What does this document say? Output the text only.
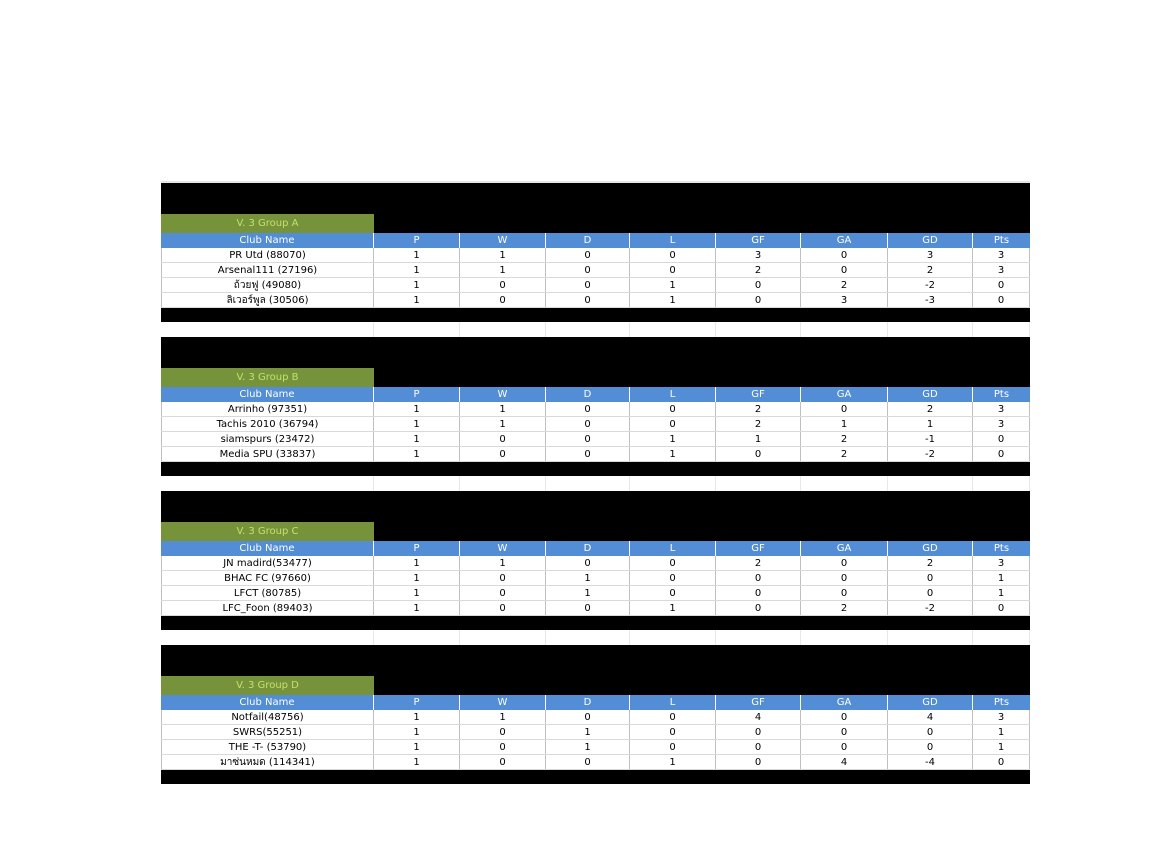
V. 3 Group A
Club Name	P	W	D	L	GF	GA	GD	Pts
PR Utd (88070)	1	1	0	0	3	0	3	3
Arsenal111 (27196)	1	1	0	0	2	0	2	3
ถ้วยฟู (49080)	1	0	0	1	0	2	-2	0
ลิเวอร์พูล (30506)	1	0	0	1	0	3	-3	0
V. 3 Group B
Club Name	P	W	D	L	GF	GA	GD	Pts
Arrinho (97351)	1	1	0	0	2	0	2	3
Tachis 2010 (36794)	1	1	0	0	2	1	1	3
siamspurs (23472)	1	0	0	1	1	2	-1	0
Media SPU (33837)	1	0	0	1	0	2	-2	0
V. 3 Group C
Club Name	P	W	D	L	GF	GA	GD	Pts
JN madird(53477)	1	1	0	0	2	0	2	3
BHAC FC (97660)	1	0	1	0	0	0	0	1
LFCT (80785)	1	0	1	0	0	0	0	1
LFC_Foon (89403)	1	0	0	1	0	2	-2	0
V. 3 Group D
Club Name	P	W	D	L	GF	GA	GD	Pts
Notfail(48756)	1	1	0	0	4	0	4	3
SWRS(55251)	1	0	1	0	0	0	0	1
THE -T- (53790)	1	0	1	0	0	0	0	1
มาซ่นหมด (114341)	1	0	0	1	0	4	-4	0
